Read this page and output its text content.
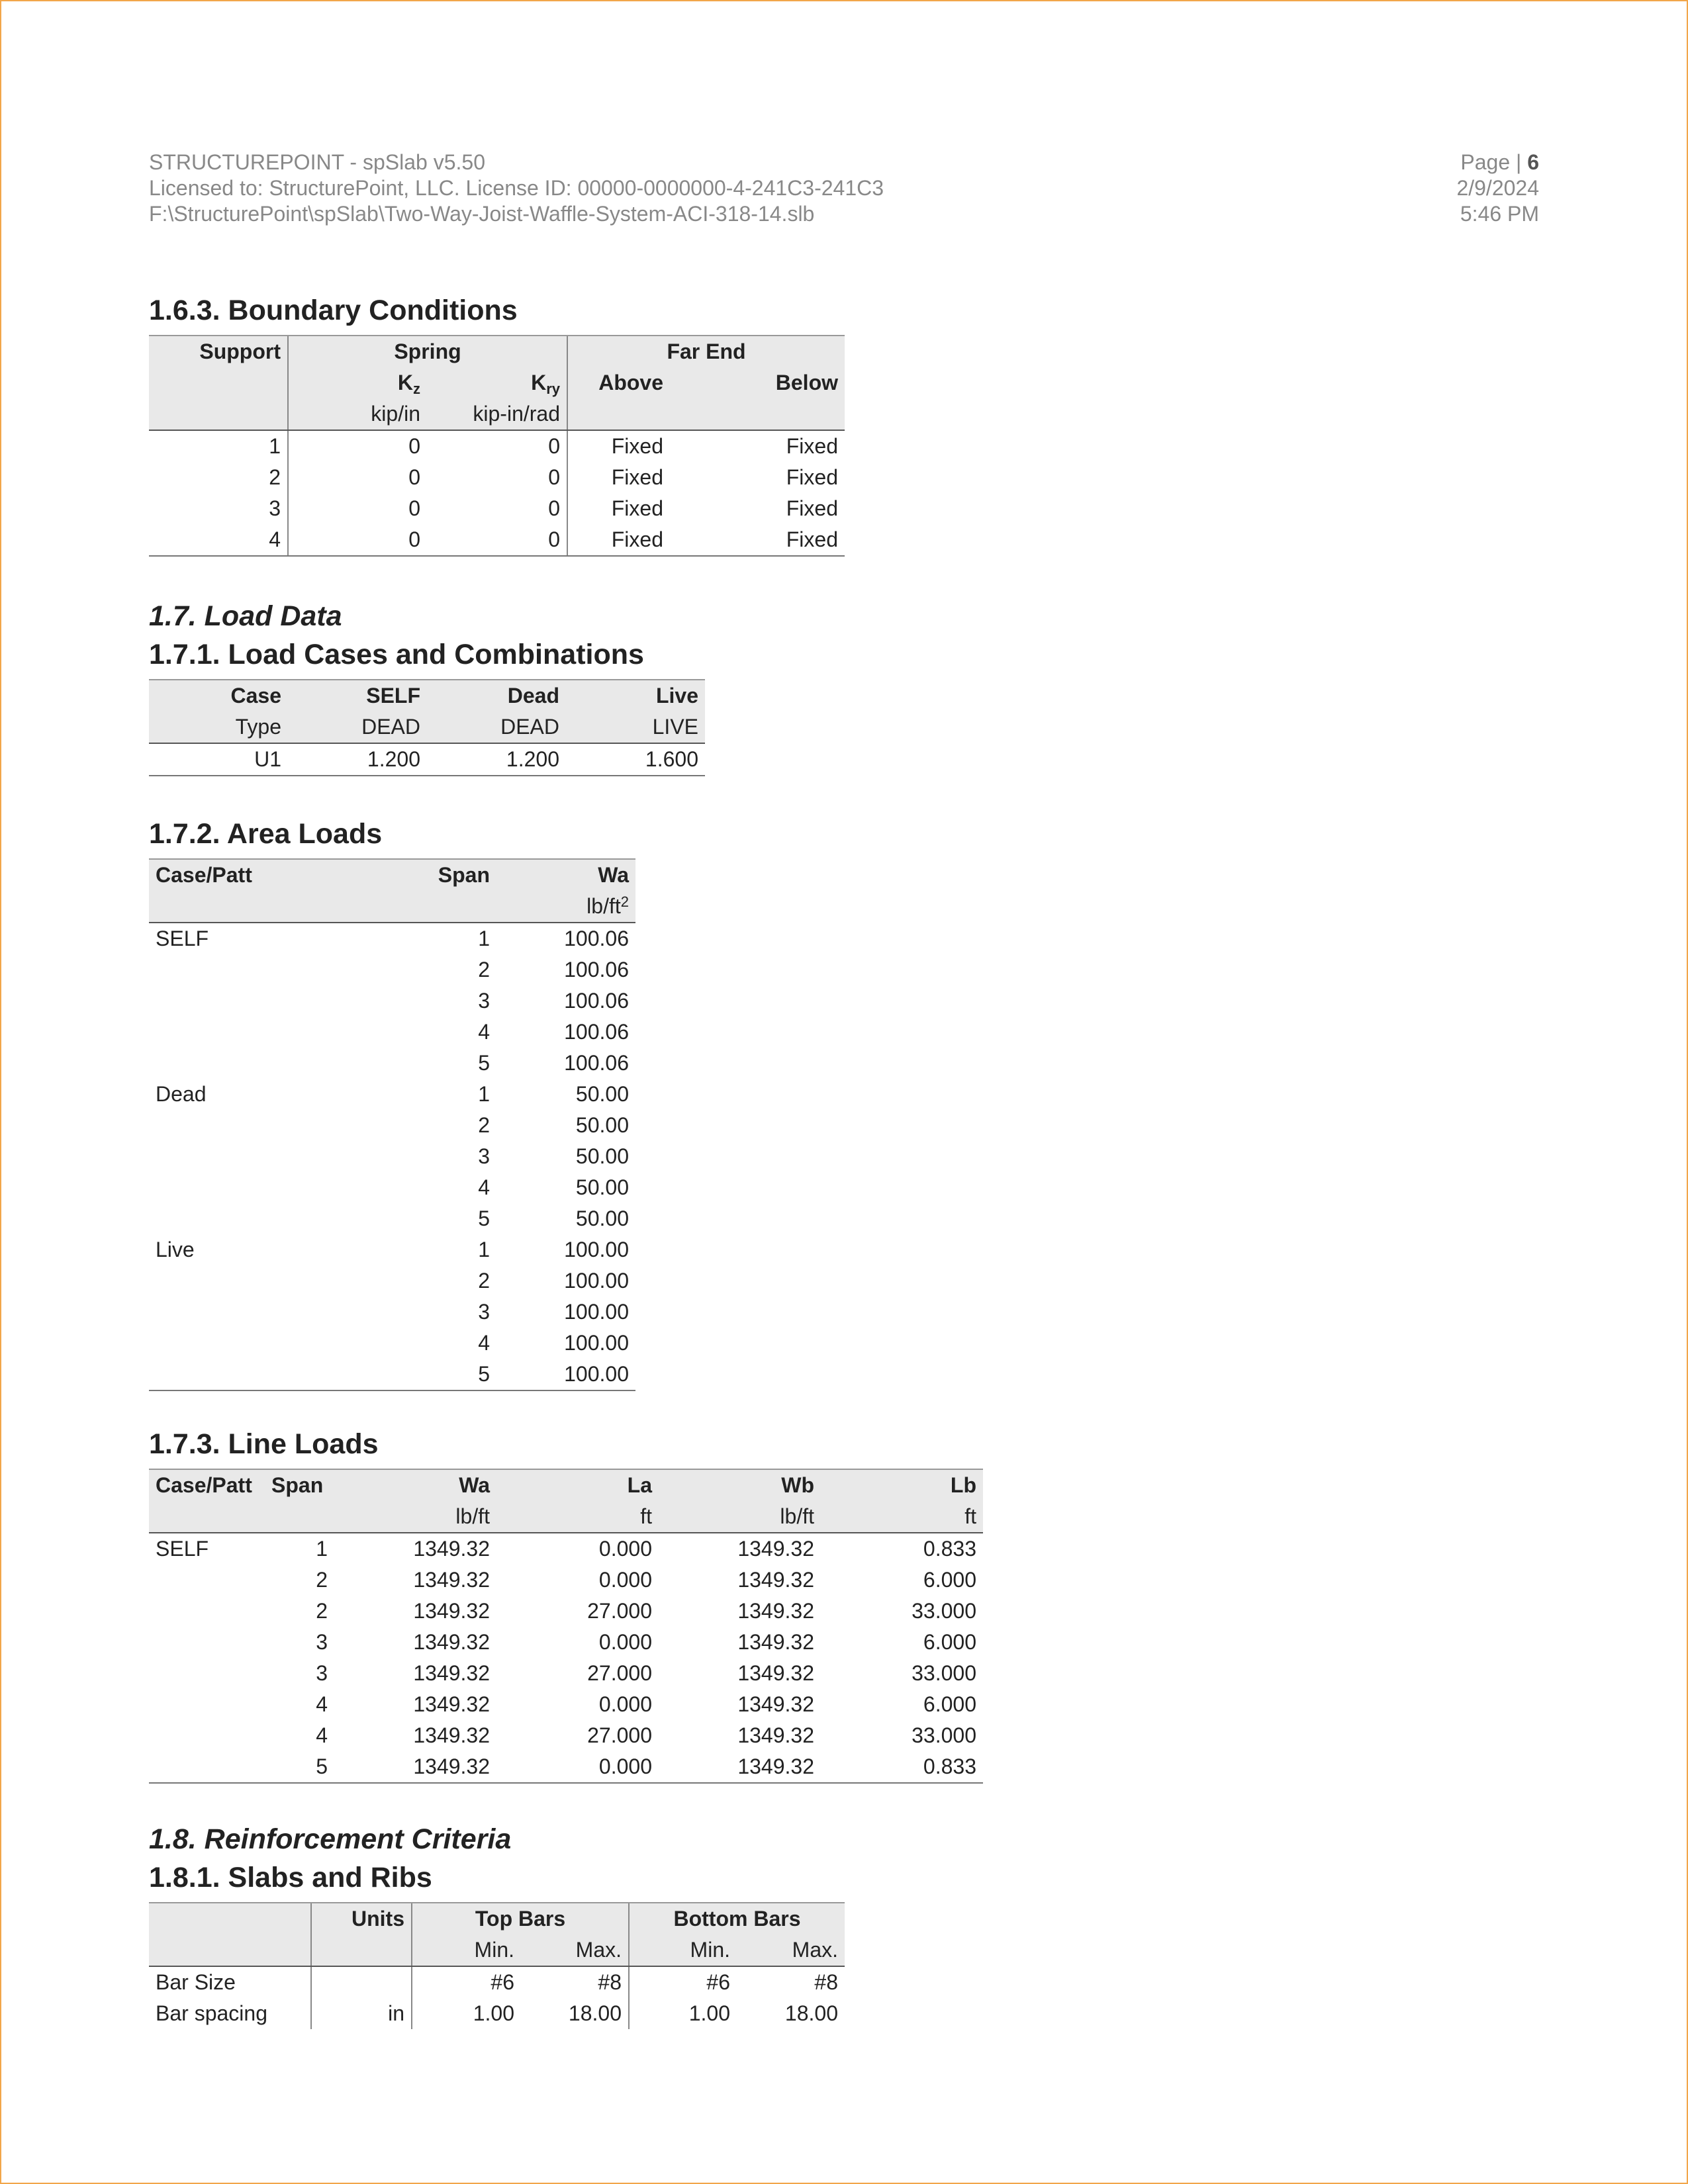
STRUCTUREPOINT - spSlab v5.50
Licensed to: StructurePoint, LLC. License ID: 00000-0000000-4-241C3-241C3
F:\StructurePoint\spSlab\Two-Way-Joist-Waffle-System-ACI-318-14.slb
Page | 6
2/9/2024
5:46 PM
1.6.3. Boundary Conditions
Support	Spring		Far End	
	$K_z$	$K_{ry}$	Above	Below
	kip/in	kip-in/rad		
1	0	0	Fixed	Fixed
2	0	0	Fixed	Fixed
3	0	0	Fixed	Fixed
4	0	0	Fixed	Fixed
1.7. Load Data
1.7.1. Load Cases and Combinations
Case	SELF	Dead	Live
Type	DEAD	DEAD	LIVE
U1	1.200	1.200	1.600
1.7.2. Area Loads
Case/Patt	Span	Wa
		$lb/ft^2$
SELF	1	100.06
	2	100.06
	3	100.06
	4	100.06
	5	100.06
Dead	1	50.00
	2	50.00
	3	50.00
	4	50.00
	5	50.00
Live	1	100.00
	2	100.00
	3	100.00
	4	100.00
	5	100.00
1.7.3. Line Loads
Case/Patt	Span	Wa	La	Wb	Lb
		lb/ft	ft	lb/ft	ft
SELF	1	1349.32	0.000	1349.32	0.833
	2	1349.32	0.000	1349.32	6.000
	2	1349.32	27.000	1349.32	33.000
	3	1349.32	0.000	1349.32	6.000
	3	1349.32	27.000	1349.32	33.000
	4	1349.32	0.000	1349.32	6.000
	4	1349.32	27.000	1349.32	33.000
	5	1349.32	0.000	1349.32	0.833
1.8. Reinforcement Criteria
1.8.1. Slabs and Ribs
	Units	Top Bars		Bottom Bars	
		Min.	Max.	Min.	Max.
Bar Size		#6	#8	#6	#8
Bar spacing	in	1.00	18.00	1.00	18.00
